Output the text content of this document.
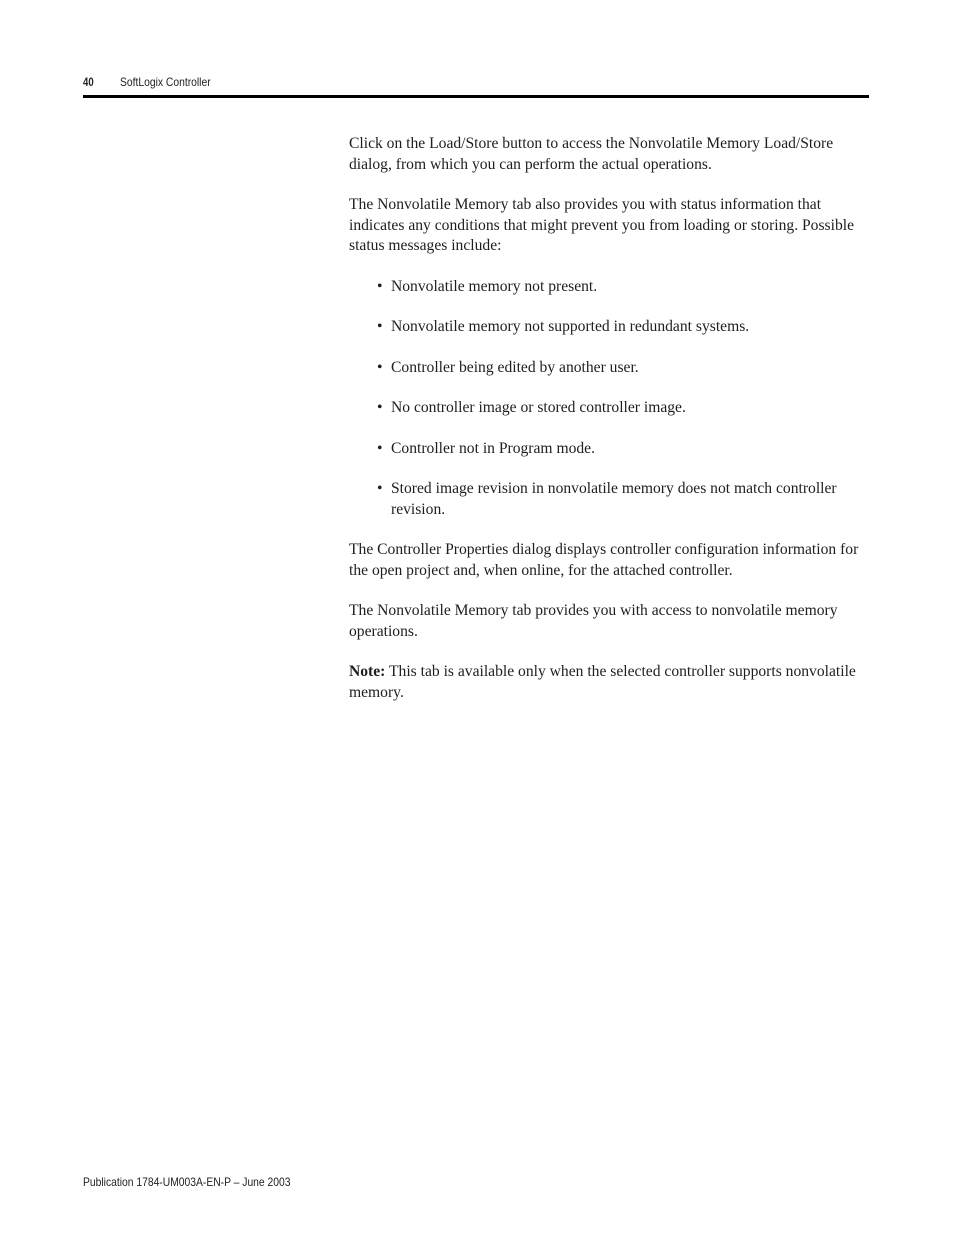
40 SoftLogix Controller

Click on the Load/Store button to access the Nonvolatile Memory Load/Store dialog, from which you can perform the actual operations.

The Nonvolatile Memory tab also provides you with status information that indicates any conditions that might prevent you from loading or storing. Possible status messages include:

• Nonvolatile memory not present.
• Nonvolatile memory not supported in redundant systems.
• Controller being edited by another user.
• No controller image or stored controller image.
• Controller not in Program mode.
• Stored image revision in nonvolatile memory does not match controller revision.

The Controller Properties dialog displays controller configuration information for the open project and, when online, for the attached controller.

The Nonvolatile Memory tab provides you with access to nonvolatile memory operations.

Note: This tab is available only when the selected controller supports nonvolatile memory.

Publication 1784-UM003A-EN-P – June 2003
